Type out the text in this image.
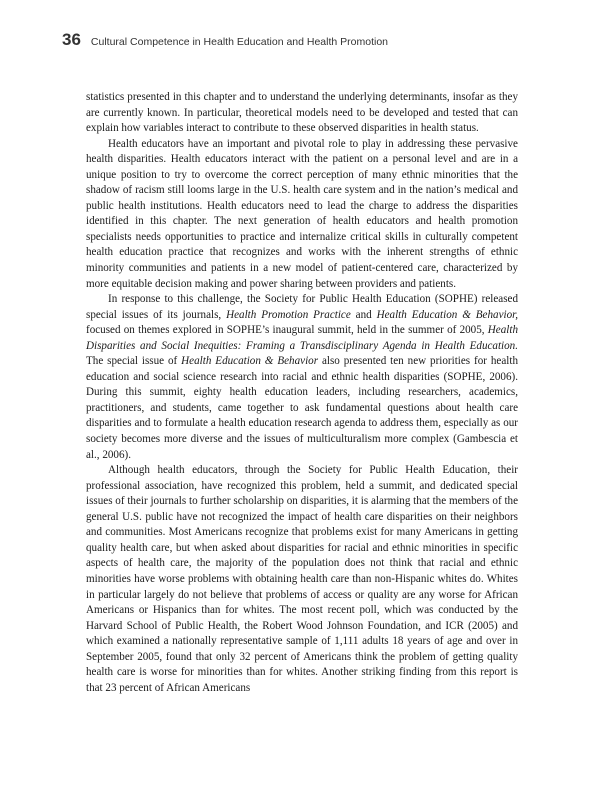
36 Cultural Competence in Health Education and Health Promotion

statistics presented in this chapter and to understand the underlying determinants, insofar as they are currently known. In particular, theoretical models need to be developed and tested that can explain how variables interact to contribute to these observed disparities in health status.

Health educators have an important and pivotal role to play in addressing these pervasive health disparities. Health educators interact with the patient on a personal level and are in a unique position to try to overcome the correct perception of many ethnic minorities that the shadow of racism still looms large in the U.S. health care system and in the nation’s medical and public health institutions. Health educators need to lead the charge to address the disparities identified in this chapter. The next generation of health educators and health promotion specialists needs opportunities to practice and internalize critical skills in culturally competent health education practice that recognizes and works with the inherent strengths of ethnic minority communities and patients in a new model of patient-centered care, characterized by more equitable decision making and power sharing between providers and patients.

In response to this challenge, the Society for Public Health Education (SOPHE) released special issues of its journals, Health Promotion Practice and Health Education & Behavior, focused on themes explored in SOPHE’s inaugural summit, held in the summer of 2005, Health Disparities and Social Inequities: Framing a Transdisciplinary Agenda in Health Education. The special issue of Health Education & Behavior also presented ten new priorities for health education and social science research into racial and ethnic health disparities (SOPHE, 2006). During this summit, eighty health education leaders, including researchers, academics, practitioners, and students, came together to ask fundamental questions about health care disparities and to formulate a health education research agenda to address them, especially as our society becomes more diverse and the issues of multiculturalism more complex (Gambescia et al., 2006).

Although health educators, through the Society for Public Health Education, their professional association, have recognized this problem, held a summit, and dedicated special issues of their journals to further scholarship on disparities, it is alarming that the members of the general U.S. public have not recognized the impact of health care disparities on their neighbors and communities. Most Americans recognize that problems exist for many Americans in getting quality health care, but when asked about disparities for racial and ethnic minorities in specific aspects of health care, the majority of the population does not think that racial and ethnic minorities have worse problems with obtaining health care than non-Hispanic whites do. Whites in particular largely do not believe that problems of access or quality are any worse for African Americans or Hispanics than for whites. The most recent poll, which was conducted by the Harvard School of Public Health, the Robert Wood Johnson Foundation, and ICR (2005) and which examined a nationally representative sample of 1,111 adults 18 years of age and over in September 2005, found that only 32 percent of Americans think the problem of getting quality health care is worse for minorities than for whites. Another striking finding from this report is that 23 percent of African Americans
